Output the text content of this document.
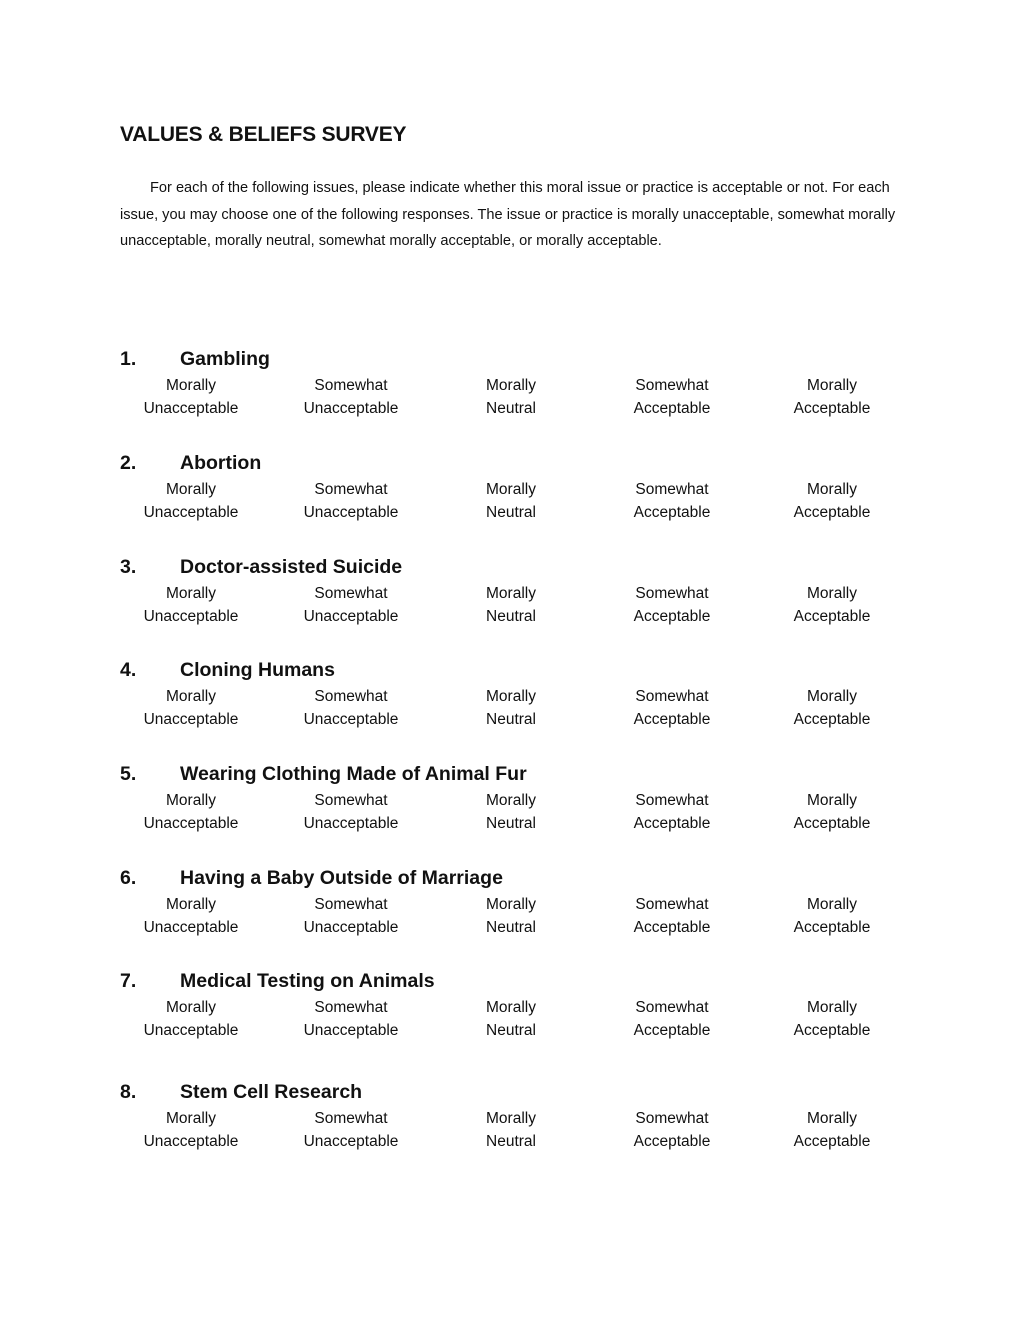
VALUES & BELIEFS SURVEY

For each of the following issues, please indicate whether this moral issue or practice is acceptable or not. For each issue, you may choose one of the following responses. The issue or practice is morally unacceptable, somewhat morally unacceptable, morally neutral, somewhat morally acceptable, or morally acceptable.

1. Gambling
Morally
Unacceptable
Somewhat
Unacceptable
Morally
Neutral
Somewhat
Acceptable
Morally
Acceptable
2. Abortion
Morally
Unacceptable
Somewhat
Unacceptable
Morally
Neutral
Somewhat
Acceptable
Morally
Acceptable
3. Doctor-assisted Suicide
Morally
Unacceptable
Somewhat
Unacceptable
Morally
Neutral
Somewhat
Acceptable
Morally
Acceptable
4. Cloning Humans
Morally
Unacceptable
Somewhat
Unacceptable
Morally
Neutral
Somewhat
Acceptable
Morally
Acceptable
5. Wearing Clothing Made of Animal Fur
Morally
Unacceptable
Somewhat
Unacceptable
Morally
Neutral
Somewhat
Acceptable
Morally
Acceptable
6. Having a Baby Outside of Marriage
Morally
Unacceptable
Somewhat
Unacceptable
Morally
Neutral
Somewhat
Acceptable
Morally
Acceptable
7. Medical Testing on Animals
Morally
Unacceptable
Somewhat
Unacceptable
Morally
Neutral
Somewhat
Acceptable
Morally
Acceptable
8. Stem Cell Research
Morally
Unacceptable
Somewhat
Unacceptable
Morally
Neutral
Somewhat
Acceptable
Morally
Acceptable
